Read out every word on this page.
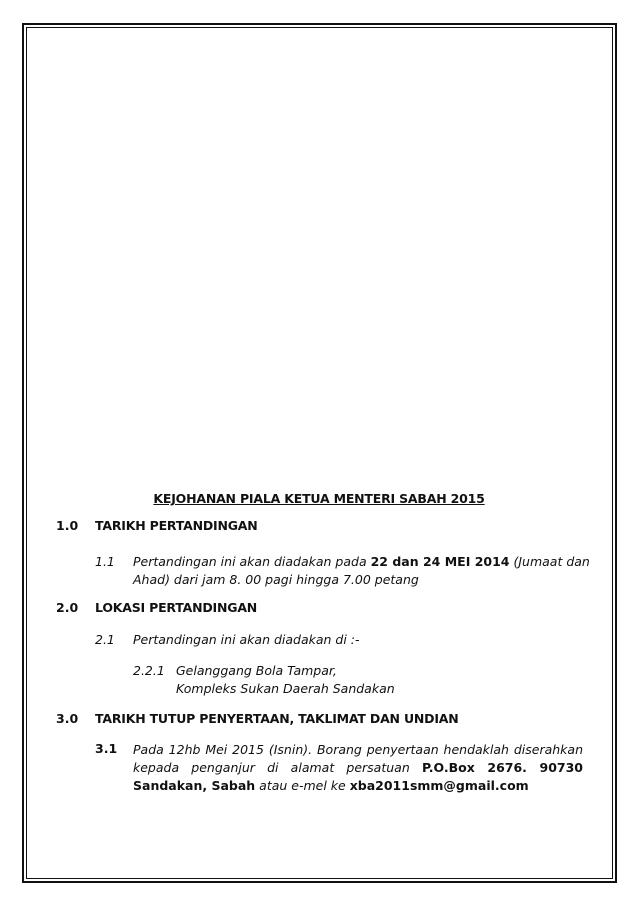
KEJOHANAN PIALA KETUA MENTERI SABAH 2015
1.0 TARIKH PERTANDINGAN
1.1 Pertandingan ini akan diadakan pada 22 dan 24 MEI 2014 (Jumaat dan
Ahad) dari jam 8. 00 pagi hingga 7.00 petang
2.0 LOKASI PERTANDINGAN
2.1 Pertandingan ini akan diadakan di :-
2.2.1 Gelanggang Bola Tampar,
Kompleks Sukan Daerah Sandakan
3.0 TARIKH TUTUP PENYERTAAN, TAKLIMAT DAN UNDIAN
3.1 Pada 12hb Mei 2015 (Isnin). Borang penyertaan hendaklah diserahkan kepada penganjur di alamat persatuan P.O.Box 2676. 90730 Sandakan, Sabah atau e-mel ke xba2011smm@gmail.com
